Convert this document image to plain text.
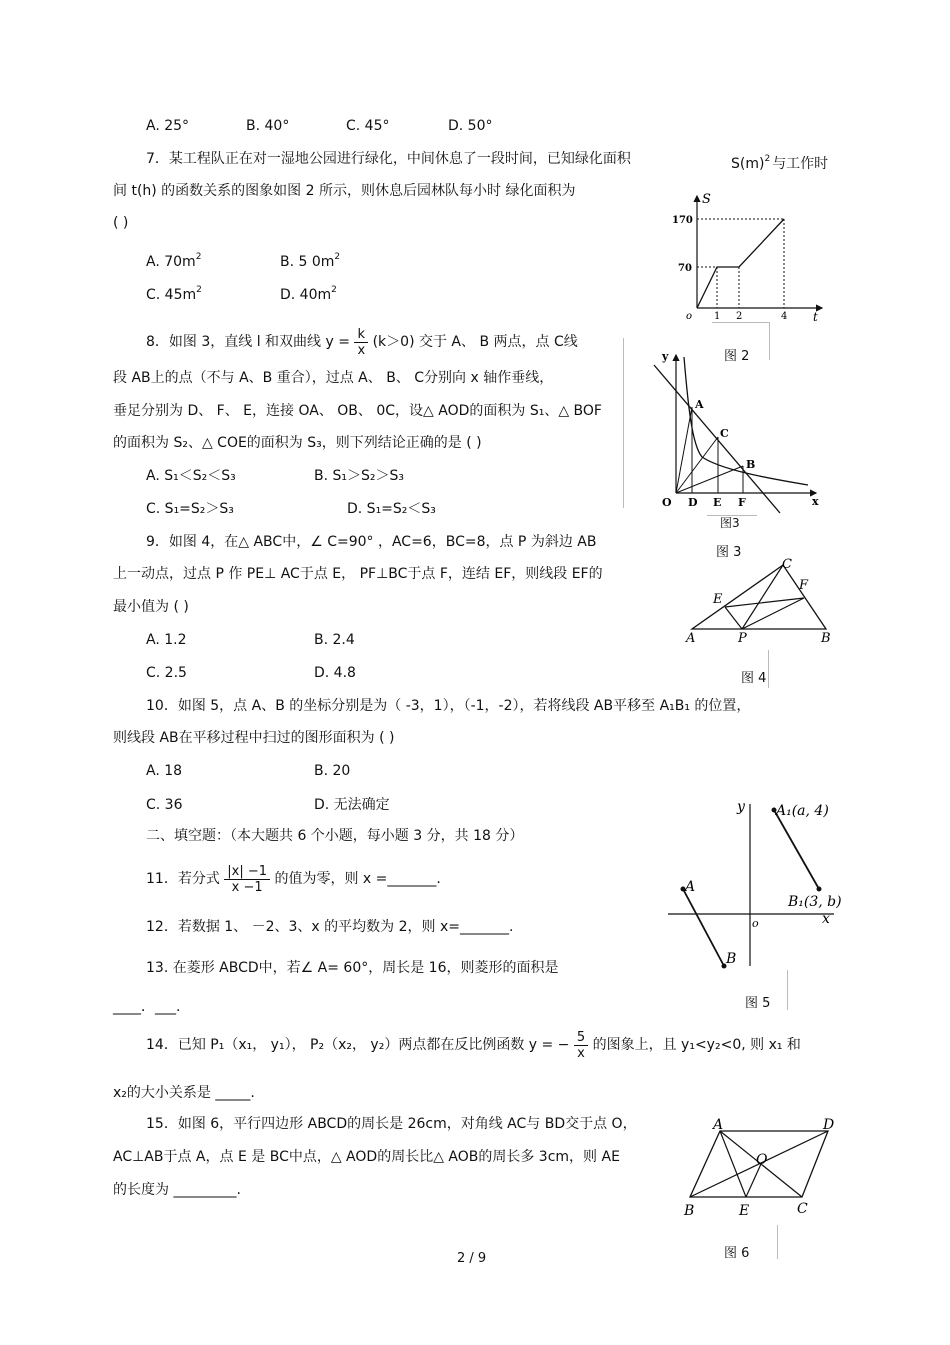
A. 25°	B. 40°	C. 45°	D. 50°
7．某工程队正在对一湿地公园进行绿化，中间休息了一段时间，已知绿化面积	$S(m)^2$ 与工作时
间 t(h) 的函数关系的图象如图 2 所示，则休息后园林队每小时 绿化面积为
( )
A. $70m^2$	B. 5 $0m^2$
C. $45m^2$	D. $40m^2$
S
t
170
70
o 1 2	4
图 2
8．如图 3，直线 l 和双曲线 $y = \frac{k}{x} (k>0)$ 交于 A、 B 两点，点 C线
段 AB上的点（不与 A、B 重合），过点 A、 B、 C分别向 x 轴作垂线，
垂足分别为 D、 F、 E，连接 OA、 OB、 0C，设△ AOD的面积为 S₁、△ BOF
的面积为 S₂、△ COE的面积为 S₃，则下列结论正确的是 ( )
A. S₁＜S₂＜S₃	B. S₁＞S₂＞S₃
C. S₁=S₂＞S₃	D. S₁=S₂＜S₃
y
x
O
A
C
B
D E F
图3
图 3
9．如图 4，在△ ABC中，∠ C=90° ，AC=6，BC=8，点 P 为斜边 AB
上一动点，过点 P 作 PE⊥ AC于点 E， PF⊥BC于点 F，连结 EF，则线段 EF的
最小值为 ( )
A. 1.2	B. 2.4
C. 2.5	D. 4.8
A	B
C
E
F
P
图 4
10．如图 5，点 A、B 的坐标分别是为（ -3，1），（-1，-2），若将线段 AB平移至 A₁B₁ 的位置，
则线段 AB在平移过程中扫过的图形面积为 ( )
A. 18	B. 20
C. 36	D. 无法确定
二、填空题：（本大题共 6 个小题，每小题 3 分，共 18 分）
11．若分式 $\frac{|x| -1}{x -1}$ 的值为零，则 x =_______.
y
x
o
A
B
A₁(a, 4)
B₁(3, b)
图 5
12．若数据 1、 －2、3、x 的平均数为 2，则 x=_______.
13. 在菱形 ABCD中，若∠ A= 60°，周长是 16，则菱形的面积是
____．___.
14．已知 P₁（x₁， y₁）， P₂（x₂， y₂）两点都在反比例函数 y = − $\frac{5}{x}$ 的图象上，且 y₁<y₂<0, 则 x₁ 和
x₂的大小关系是 _____.
15．如图 6，平行四边形 ABCD的周长是 26cm，对角线 AC与 BD交于点 O，
AC⊥AB于点 A，点 E 是 BC中点，△ AOD的周长比△ AOB的周长多 3cm，则 AE
的长度为 _________.
A	D
B	C
E
O
图 6
2 / 9
